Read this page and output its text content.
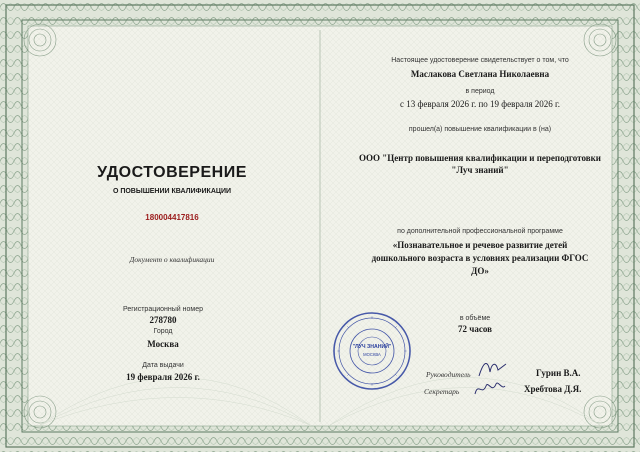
УДОСТОВЕРЕНИЕ
О ПОВЫШЕНИИ КВАЛИФИКАЦИИ
180004417816
Документ о квалификации
Регистрационный номер
278780
Город
Москва
Дата выдачи
19 февраля 2026 г.
Настоящее удостоверение свидетельствует о том, что
Маслакова Светлана Николаевна
в период
с 13 февраля 2026 г. по 19 февраля 2026 г.
прошел(а) повышение квалификации в (на)
ООО "Центр повышения квалификации и переподготовки
"Луч знаний"
по дополнительной профессиональной программе
«Познавательное и речевое развитие детей
дошкольного возраста в условиях реализации ФГОС
ДО»
в объёме
72 часов
Руководитель	Гурин В.А.
Секретарь	Хребтова Д.Я.
"ЛУЧ ЗНАНИЙ"
МОСКВА
